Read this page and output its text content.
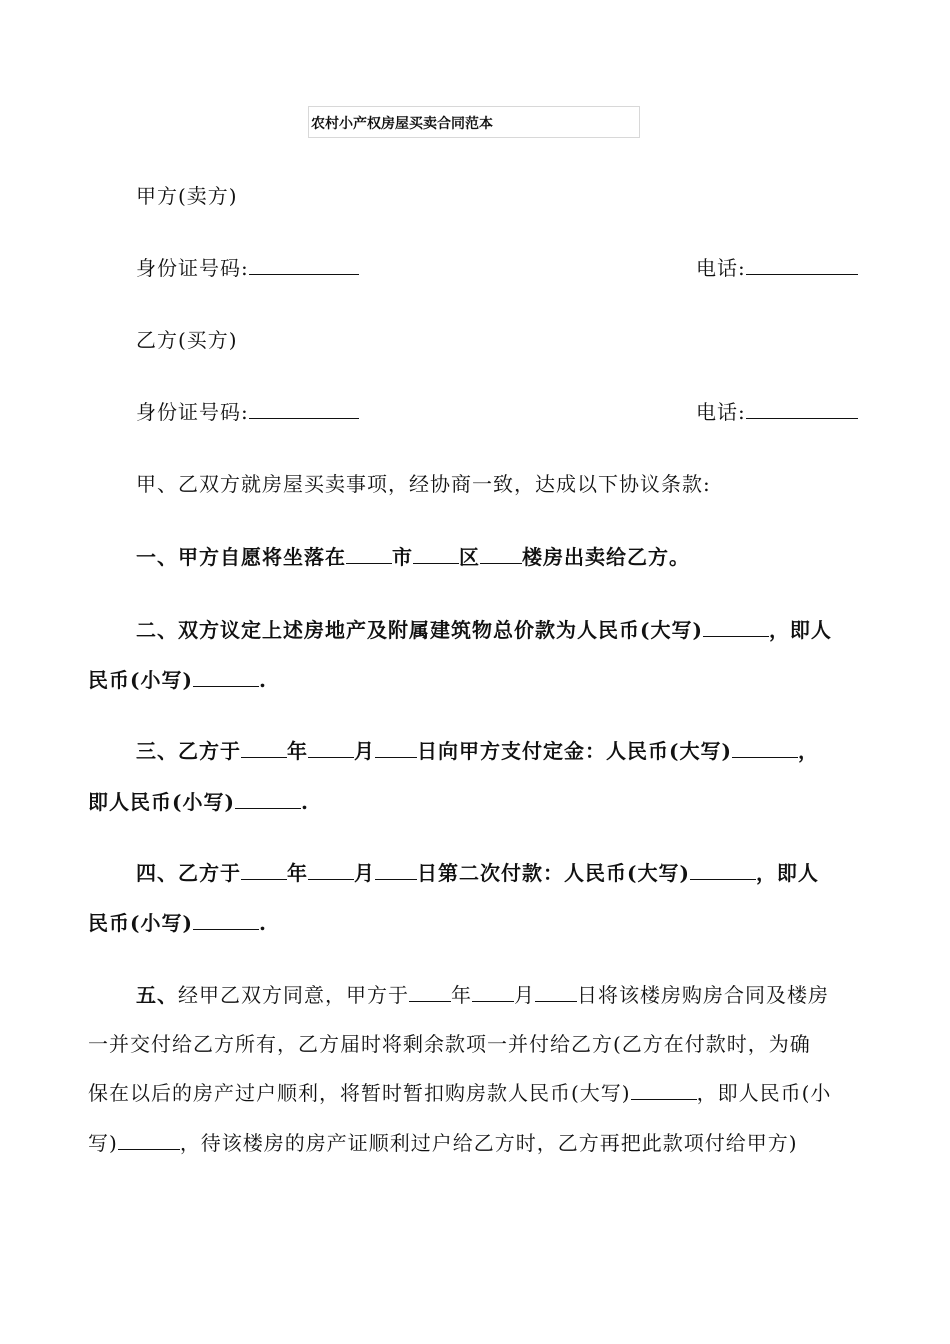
农村小产权房屋买卖合同范本
甲方(卖方)
身份证号码:	电话:
乙方(买方)
身份证号码:	电话:
甲、乙双方就房屋买卖事项，经协商一致，达成以下协议条款:
一、甲方自愿将坐落在 市 区 楼房出卖给乙方。
二、双方议定上述房地产及附属建筑物总价款为人民币(大写)	，即人
民币(小写)	.
三、乙方于 年 月 日向甲方支付定金：人民币(大写)	，
即人民币(小写)	.
四、乙方于 年 月 日第二次付款：人民币(大写)	，即人
民币(小写)	.
五、经甲乙双方同意，甲方于 年 月 日将该楼房购房合同及楼房
一并交付给乙方所有，乙方届时将剩余款项一并付给乙方(乙方在付款时，为确
保在以后的房产过户顺利，将暂时暂扣购房款人民币(大写)	，即人民币(小
写)	，待该楼房的房产证顺利过户给乙方时，乙方再把此款项付给甲方)
